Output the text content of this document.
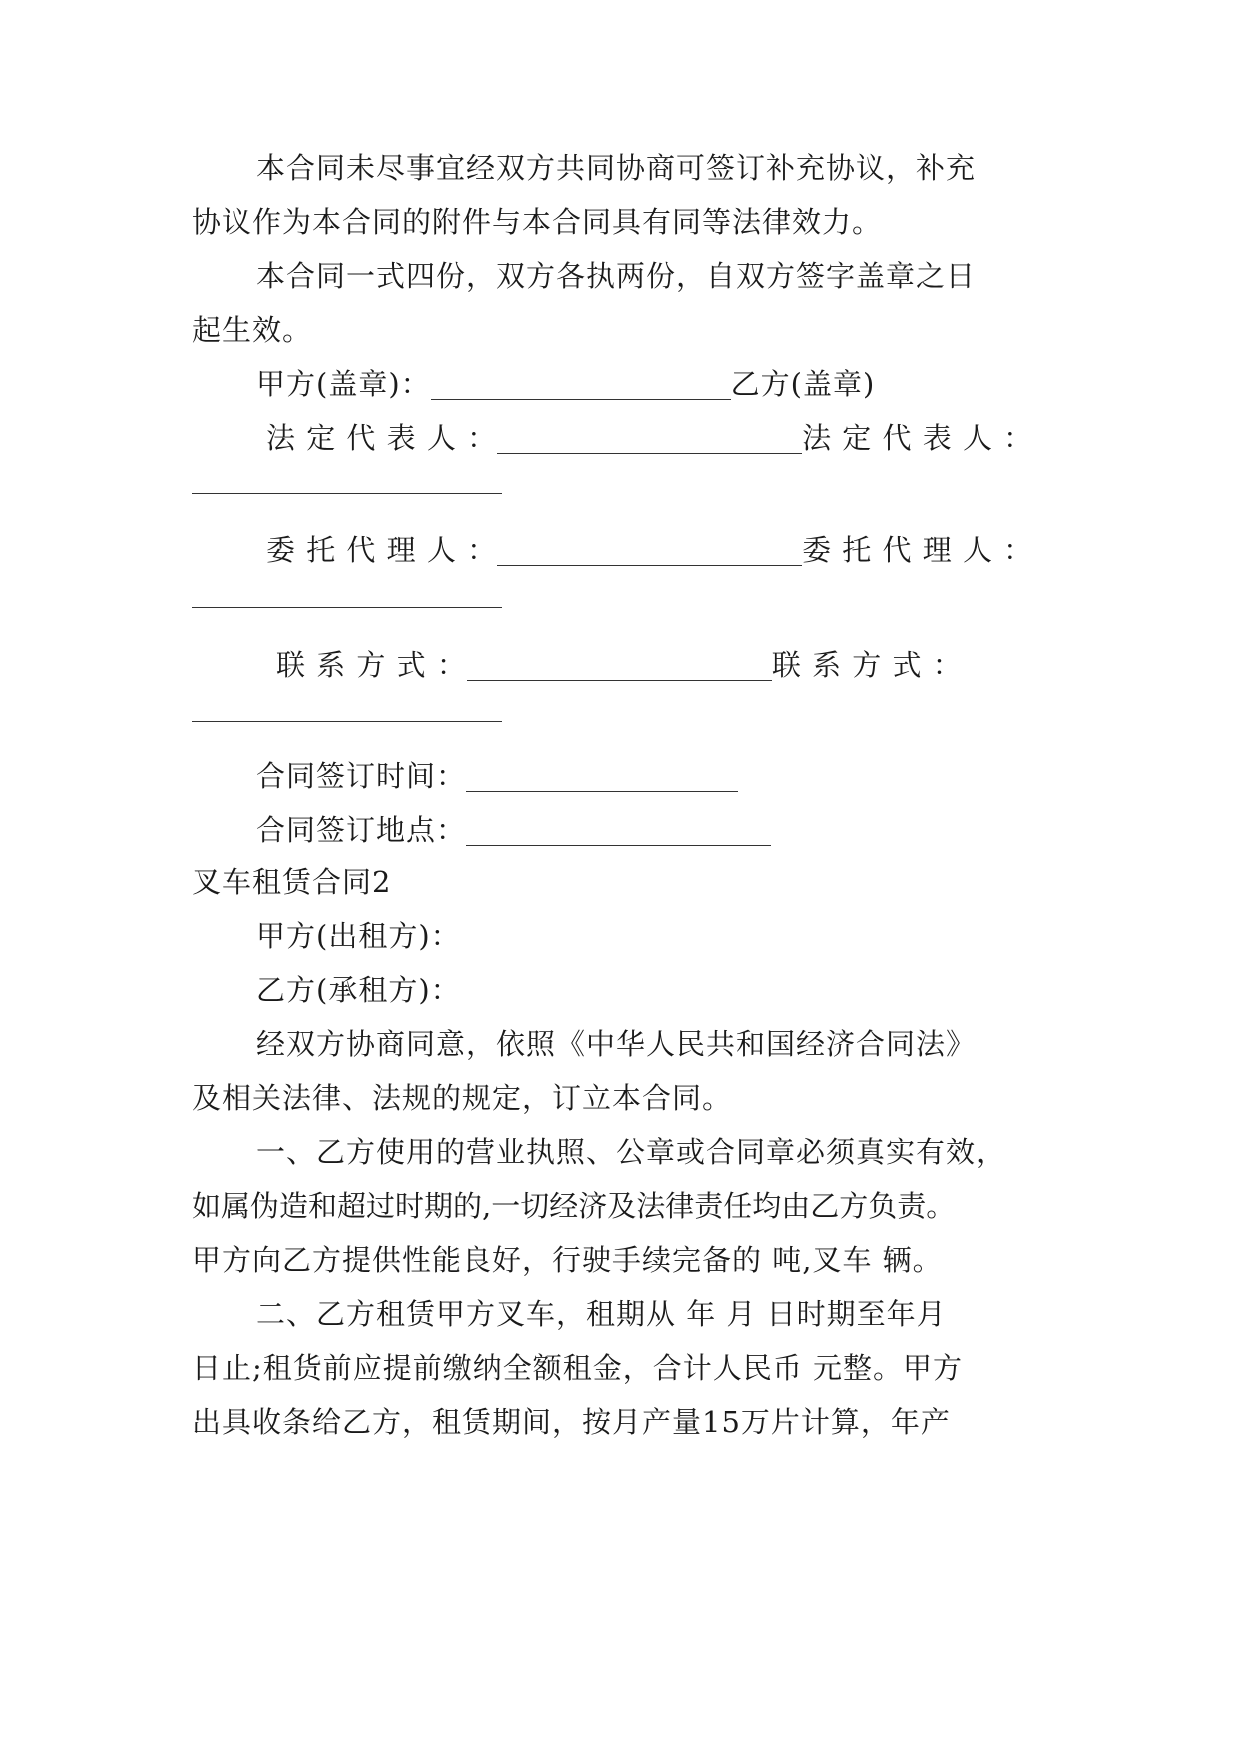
本合同未尽事宜经双方共同协商可签订补充协议，补充
协议作为本合同的附件与本合同具有同等法律效力。
本合同一式四份，双方各执两份，自双方签字盖章之日
起生效。
甲方(盖章)：	乙方(盖章)
法 定 代 表 人 ：	法 定 代 表 人 ：
委 托 代 理 人 ：	委 托 代 理 人 ：
联 系 方 式 ：	联 系 方 式 ：
合同签订时间：
合同签订地点：
叉车租赁合同2
甲方(出租方)：
乙方(承租方)：
经双方协商同意，依照《中华人民共和国经济合同法》
及相关法律、法规的规定，订立本合同。
一、乙方使用的营业执照、公章或合同章必须真实有效，
如属伪造和超过时期的,一切经济及法律责任均由乙方负责。
甲方向乙方提供性能良好，行驶手续完备的 吨,叉车 辆。
二、乙方租赁甲方叉车，租期从 年 月 日时期至年月
日止;租货前应提前缴纳全额租金，合计人民币 元整。甲方
出具收条给乙方，租赁期间，按月产量15万片计算，年产
